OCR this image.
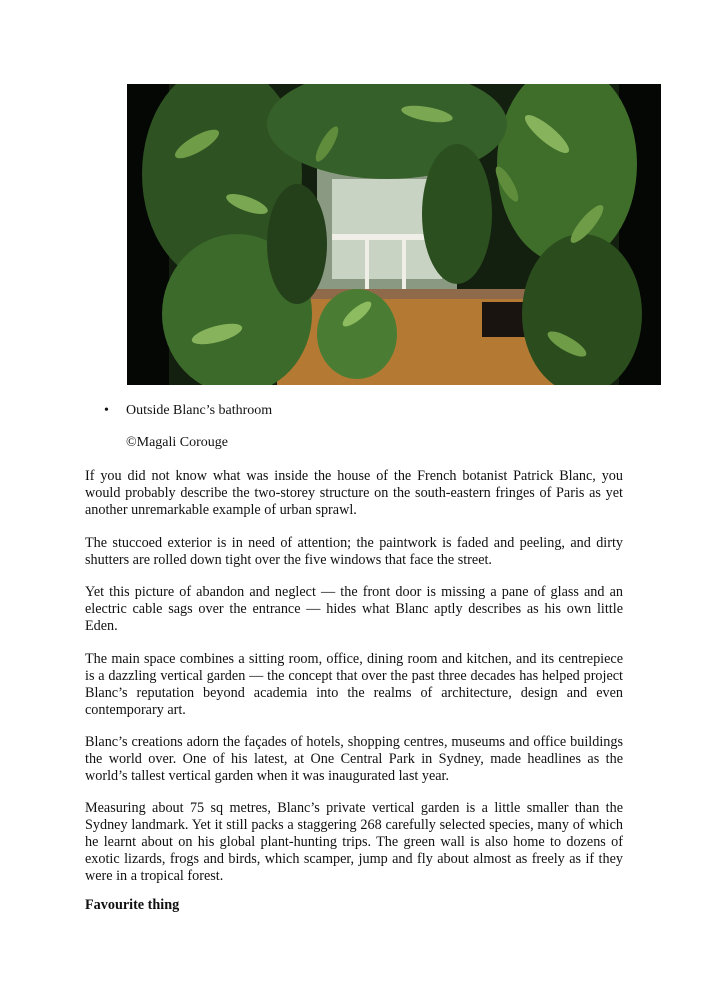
• Outside Blanc’s bathroom
©Magali Corouge

If you did not know what was inside the house of the French botanist Patrick Blanc, you would probably describe the two-storey structure on the south-eastern fringes of Paris as yet another unremarkable example of urban sprawl.

The stuccoed exterior is in need of attention; the paintwork is faded and peeling, and dirty shutters are rolled down tight over the five windows that face the street.

Yet this picture of abandon and neglect — the front door is missing a pane of glass and an electric cable sags over the entrance — hides what Blanc aptly describes as his own little Eden.

The main space combines a sitting room, office, dining room and kitchen, and its centrepiece is a dazzling vertical garden — the concept that over the past three decades has helped project Blanc’s reputation beyond academia into the realms of architecture, design and even contemporary art.

Blanc’s creations adorn the façades of hotels, shopping centres, museums and office buildings the world over. One of his latest, at One Central Park in Sydney, made headlines as the world’s tallest vertical garden when it was inaugurated last year.

Measuring about 75 sq metres, Blanc’s private vertical garden is a little smaller than the Sydney landmark. Yet it still packs a staggering 268 carefully selected species, many of which he learnt about on his global plant-hunting trips. The green wall is also home to dozens of exotic lizards, frogs and birds, which scamper, jump and fly about almost as freely as if they were in a tropical forest.

Favourite thing
